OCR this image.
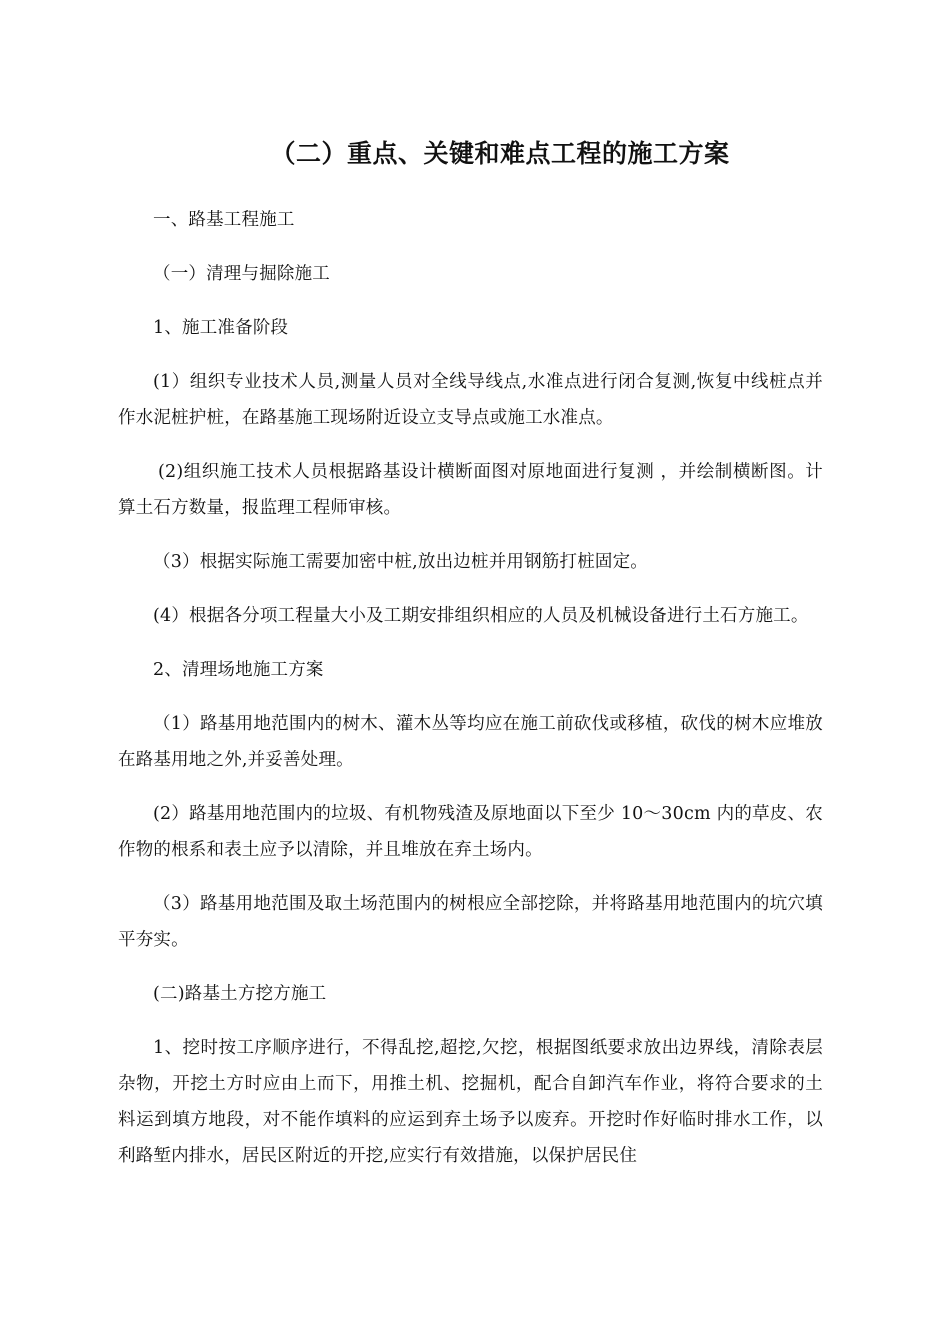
（二）重点、关键和难点工程的施工方案

一、路基工程施工

（一）清理与掘除施工

1、施工准备阶段

(1）组织专业技术人员,测量人员对全线导线点,水准点进行闭合复测,恢复中线桩点并作水泥桩护桩，在路基施工现场附近设立支导点或施工水准点。

(2)组织施工技术人员根据路基设计横断面图对原地面进行复测 ，并绘制横断图。计算土石方数量，报监理工程师审核。

（3）根据实际施工需要加密中桩,放出边桩并用钢筋打桩固定。

(4）根据各分项工程量大小及工期安排组织相应的人员及机械设备进行土石方施工。

2、清理场地施工方案

（1）路基用地范围内的树木、灌木丛等均应在施工前砍伐或移植，砍伐的树木应堆放在路基用地之外,并妥善处理。

(2）路基用地范围内的垃圾、有机物残渣及原地面以下至少 10～30cm 内的草皮、农作物的根系和表土应予以清除，并且堆放在弃土场内。

（3）路基用地范围及取土场范围内的树根应全部挖除，并将路基用地范围内的坑穴填平夯实。

(二)路基土方挖方施工

1、挖时按工序顺序进行，不得乱挖,超挖,欠挖，根据图纸要求放出边界线，清除表层杂物，开挖土方时应由上而下，用推土机、挖掘机，配合自卸汽车作业，将符合要求的土料运到填方地段，对不能作填料的应运到弃土场予以废弃。开挖时作好临时排水工作，以利路堑内排水，居民区附近的开挖,应实行有效措施，以保护居民住
